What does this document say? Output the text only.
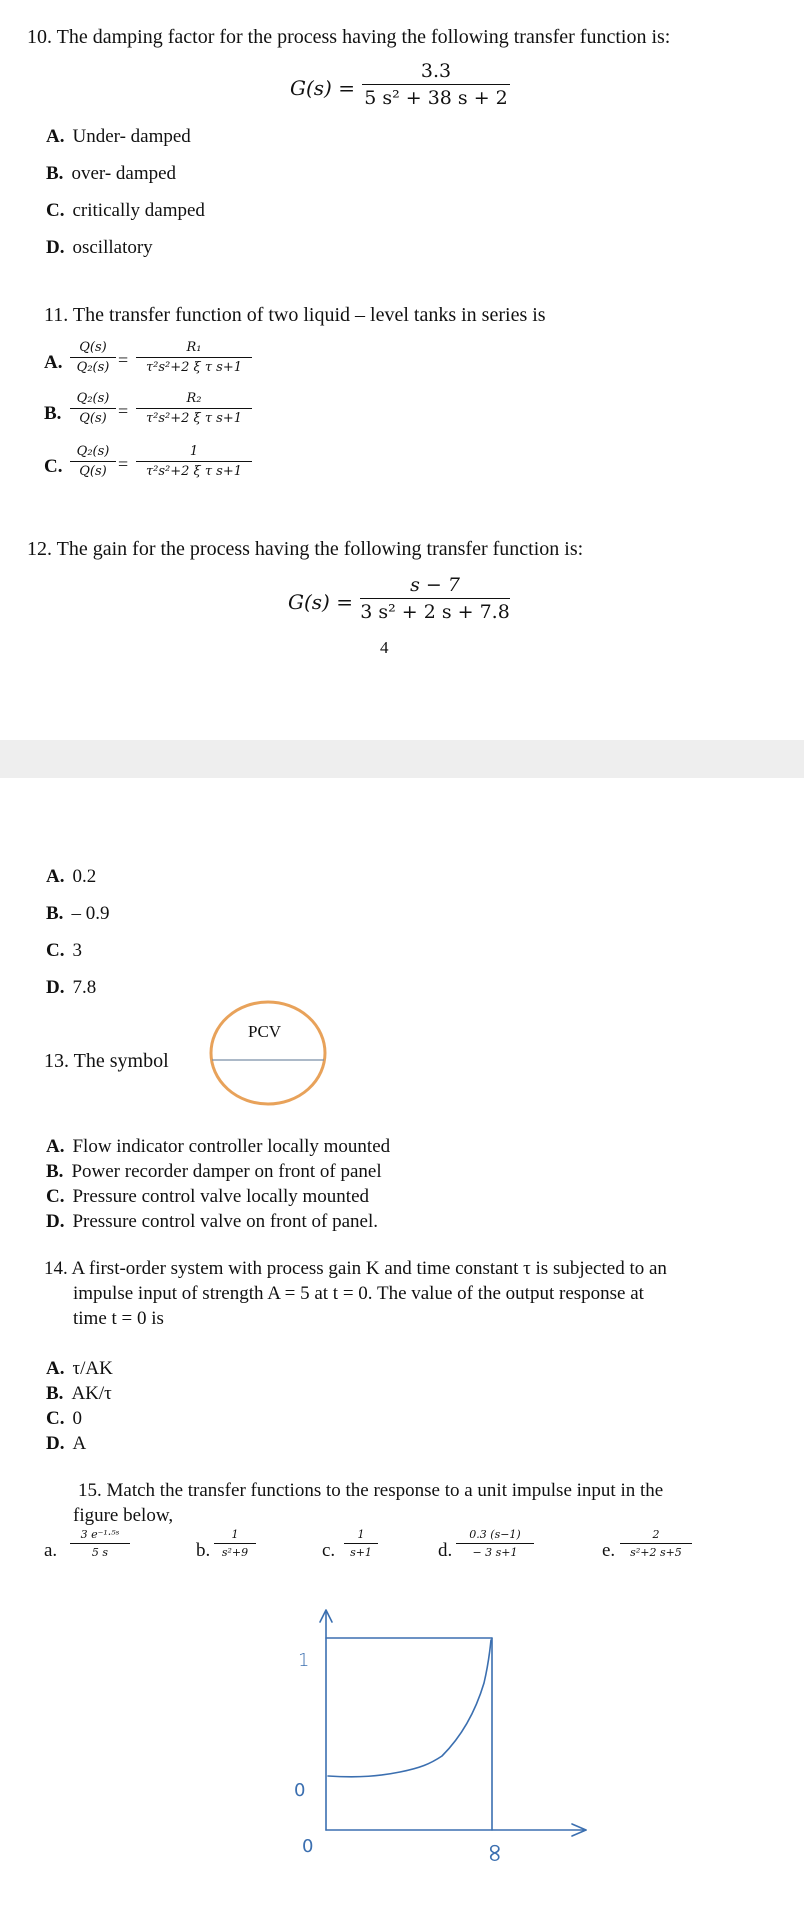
10. The damping factor for the process having the following transfer function is:
G(s) =
3.3
5 s² + 38 s + 2
A. Under- damped
B. over- damped
C. critically damped
D. oscillatory
11. The transfer function of two liquid – level tanks in series is
A.
Q(s)
Q₂(s) =
R₁
τ²s²+2 ξ τ s+1
B.
Q₂(s)
Q(s) =
R₂
τ²s²+2 ξ τ s+1
C.
Q₂(s)
Q(s) =
1
τ²s²+2 ξ τ s+1
12. The gain for the process having the following transfer function is:
G(s) =
s − 7
3 s² + 2 s + 7.8
4
A. 0.2
B. – 0.9
C. 3
D. 7.8
13. The symbol
PCV
A. Flow indicator controller locally mounted
B. Power recorder damper on front of panel
C. Pressure control valve locally mounted
D. Pressure control valve on front of panel.
14. A first-order system with process gain K and time constant τ is subjected to an
impulse input of strength A = 5 at t = 0. The value of the output response at
time t = 0 is
A. τ/AK
B. AK/τ
C. 0
D. A
15. Match the transfer functions to the response to a unit impulse input in the
figure below,
a.
3 e⁻¹·⁵ˢ
5 s	b.
1
s²+9	c.
1
s+1	d.
0.3 (s−1)
− 3 s+1	e.
2
s²+2 s+5
1
0
0	∞
